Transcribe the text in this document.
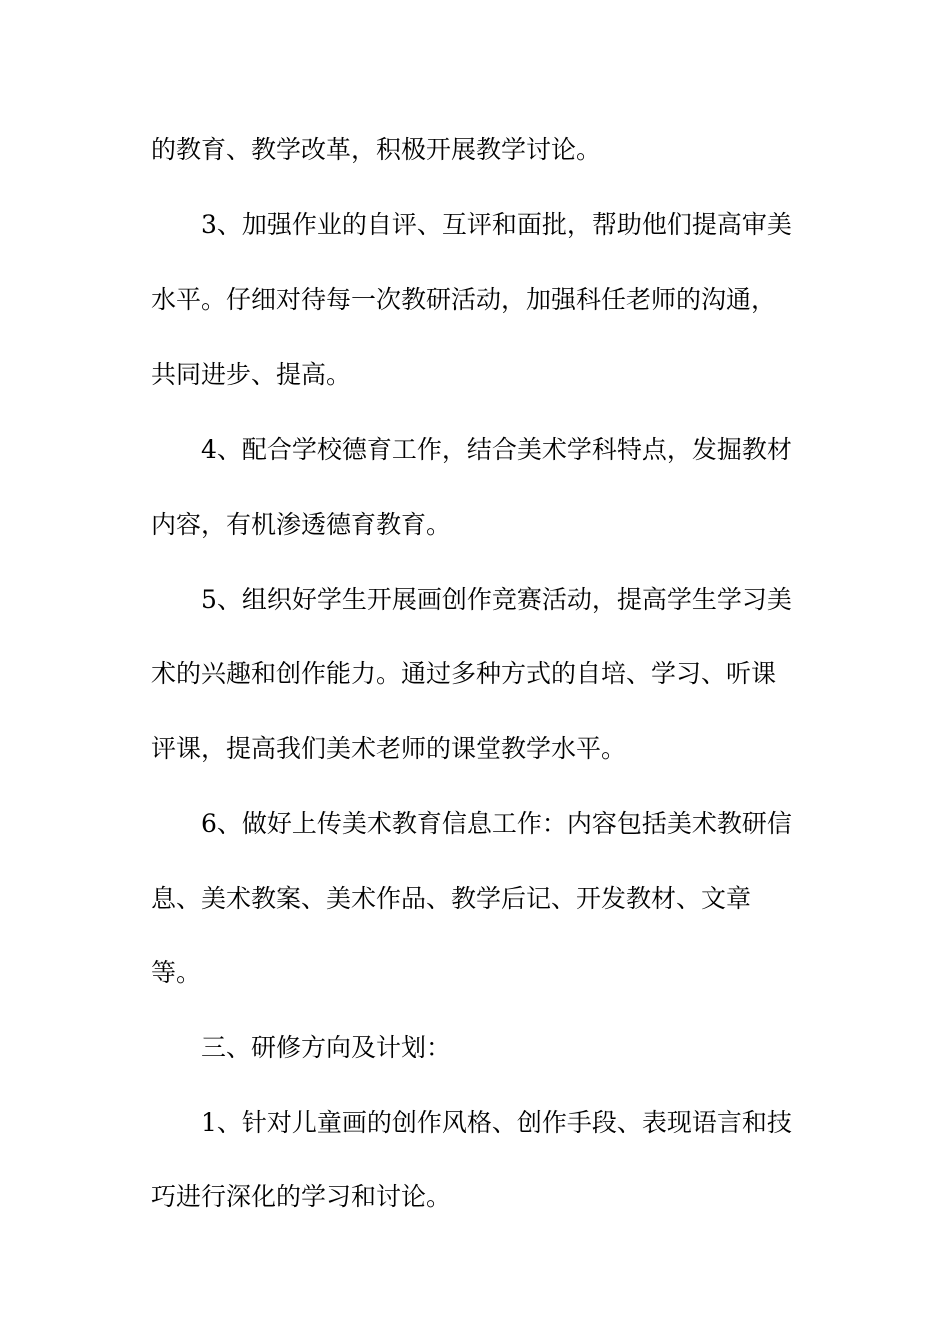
的教育、教学改革，积极开展教学讨论。
3、加强作业的自评、互评和面批，帮助他们提高审美
水平。仔细对待每一次教研活动，加强科任老师的沟通，
共同进步、提高。
4、配合学校德育工作，结合美术学科特点，发掘教材
内容，有机渗透德育教育。
5、组织好学生开展画创作竞赛活动，提高学生学习美
术的兴趣和创作能力。通过多种方式的自培、学习、听课
评课，提高我们美术老师的课堂教学水平。
6、做好上传美术教育信息工作：内容包括美术教研信
息、美术教案、美术作品、教学后记、开发教材、文章
等。
三、研修方向及计划：
1、针对儿童画的创作风格、创作手段、表现语言和技
巧进行深化的学习和讨论。
